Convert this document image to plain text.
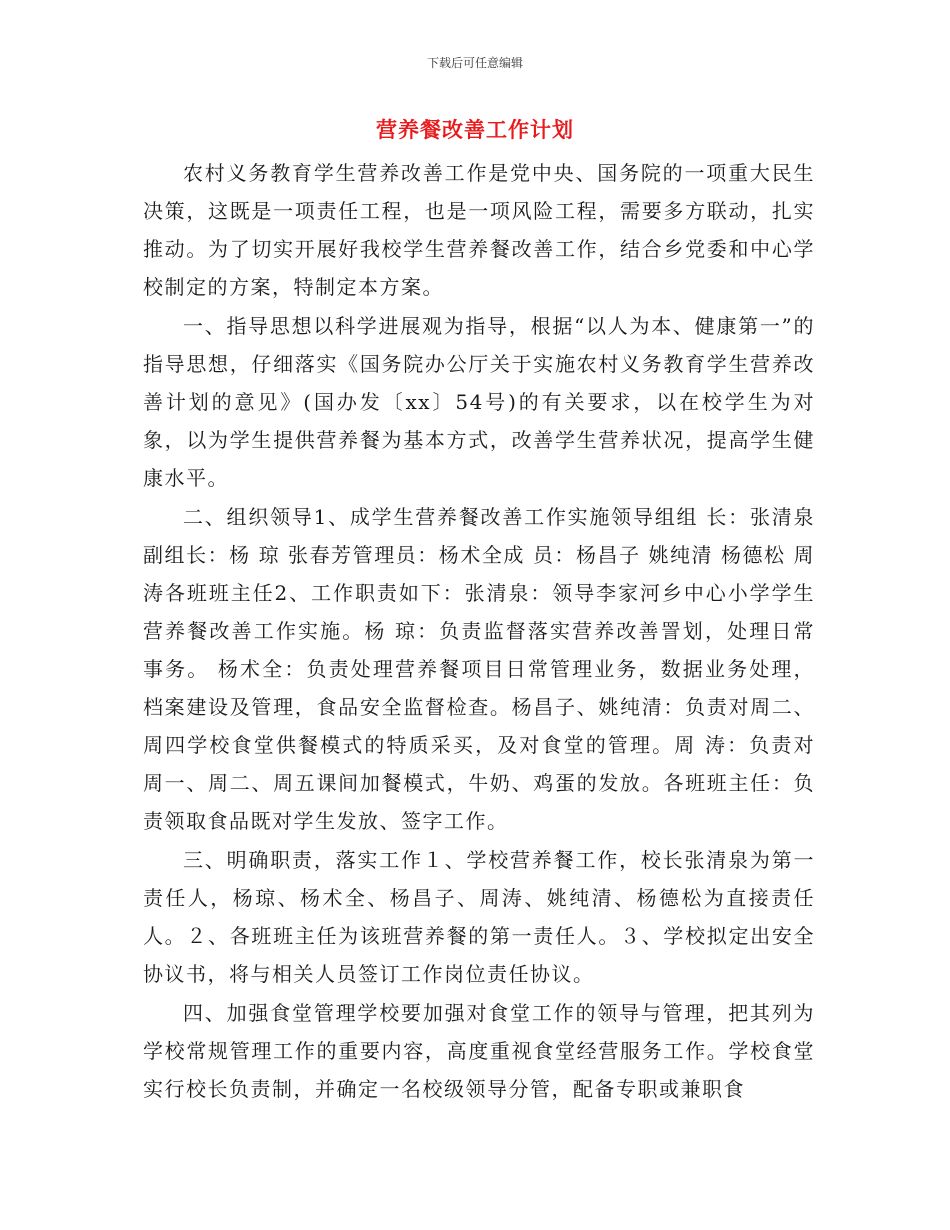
下载后可任意编辑
营养餐改善工作计划

农村义务教育学生营养改善工作是党中央、国务院的一项重大民生决策，这既是一项责任工程，也是一项风险工程，需要多方联动，扎实推动。为了切实开展好我校学生营养餐改善工作，结合乡党委和中心学校制定的方案，特制定本方案。

一、指导思想以科学进展观为指导，根据“以人为本、健康第一”的指导思想，仔细落实《国务院办公厅关于实施农村义务教育学生营养改善计划的意见》(国办发〔xx〕54号)的有关要求，以在校学生为对象，以为学生提供营养餐为基本方式，改善学生营养状况，提高学生健康水平。

二、组织领导1、成学生营养餐改善工作实施领导组组 长：张清泉副组长：杨 琼 张春芳管理员：杨术全成 员：杨昌子 姚纯清 杨德松 周 涛各班班主任2、工作职责如下：张清泉：领导李家河乡中心小学学生营养餐改善工作实施。杨 琼：负责监督落实营养改善詈划，处理日常事务。 杨术全：负责处理营养餐项目日常管理业务，数据业务处理，档案建设及管理，食品安全监督检查。杨昌子、姚纯清：负责对周二、周四学校食堂供餐模式的特质采买，及对食堂的管理。周 涛：负责对周一、周二、周五课间加餐模式，牛奶、鸡蛋的发放。各班班主任：负责领取食品既对学生发放、签字工作。

三、明确职责，落实工作１、学校营养餐工作，校长张清泉为第一责任人，杨琼、杨术全、杨昌子、周涛、姚纯清、杨德松为直接责任人。２、各班班主任为该班营养餐的第一责任人。３、学校拟定出安全协议书，将与相关人员签订工作岗位责任协议。

四、加强食堂管理学校要加强对食堂工作的领导与管理，把其列为学校常规管理工作的重要内容，高度重视食堂经营服务工作。学校食堂实行校长负责制，并确定一名校级领导分管，配备专职或兼职食
